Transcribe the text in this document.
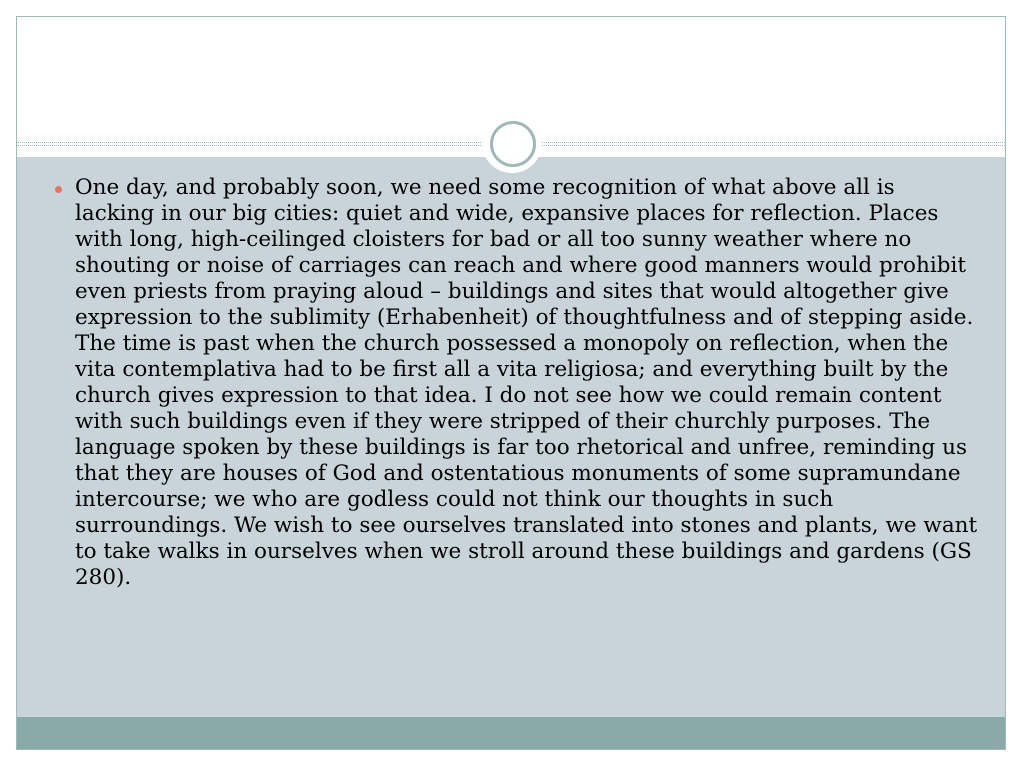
One day, and probably soon, we need some recognition of what above all is lacking in our big cities: quiet and wide, expansive places for reflection. Places with long, high-ceilinged cloisters for bad or all too sunny weather where no shouting or noise of carriages can reach and where good manners would prohibit even priests from praying aloud – buildings and sites that would altogether give expression to the sublimity (Erhabenheit) of thoughtfulness and of stepping aside. The time is past when the church possessed a monopoly on reflection, when the vita contemplativa had to be first all a vita religiosa; and everything built by the church gives expression to that idea. I do not see how we could remain content with such buildings even if they were stripped of their churchly purposes. The language spoken by these buildings is far too rhetorical and unfree, reminding us that they are houses of God and ostentatious monuments of some supramundane intercourse; we who are godless could not think our thoughts in such surroundings. We wish to see ourselves translated into stones and plants, we want to take walks in ourselves when we stroll around these buildings and gardens (GS 280).
